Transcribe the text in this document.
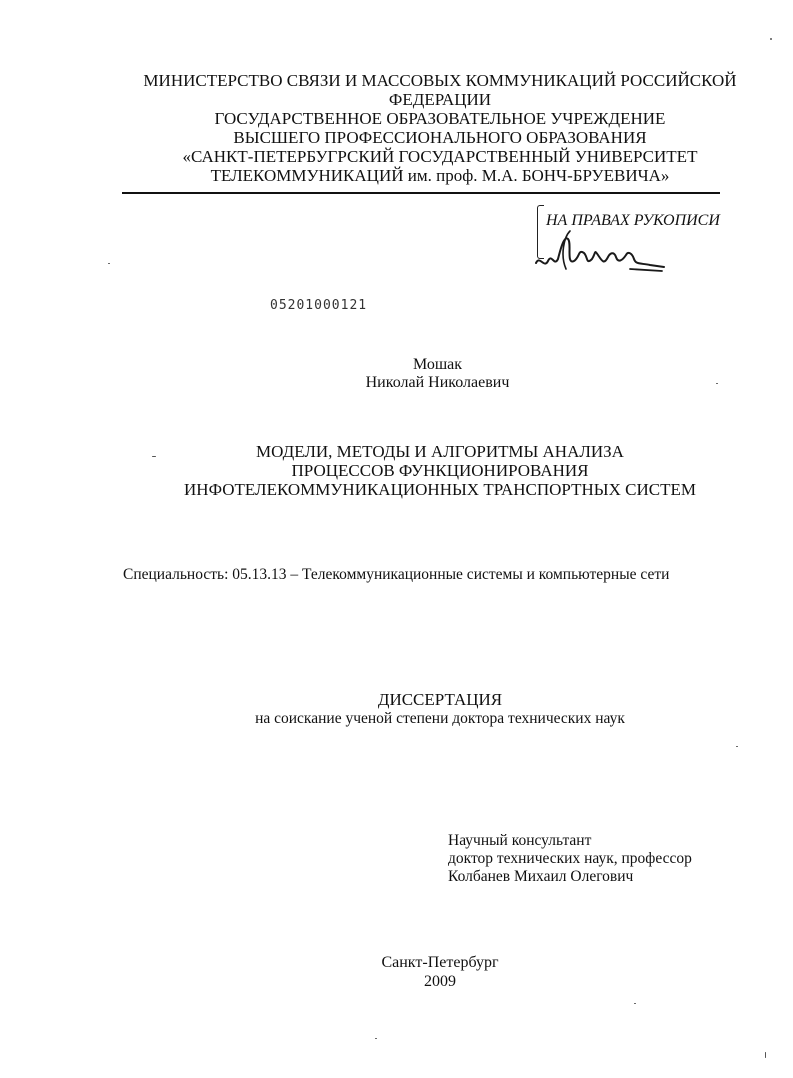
МИНИСТЕРСТВО СВЯЗИ И МАССОВЫХ КОММУНИКАЦИЙ РОССИЙСКОЙ
ФЕДЕРАЦИИ
ГОСУДАРСТВЕННОЕ ОБРАЗОВАТЕЛЬНОЕ УЧРЕЖДЕНИЕ
ВЫСШЕГО ПРОФЕССИОНАЛЬНОГО ОБРАЗОВАНИЯ
«САНКТ-ПЕТЕРБУГРСКИЙ ГОСУДАРСТВЕННЫЙ УНИВЕРСИТЕТ
ТЕЛЕКОММУНИКАЦИЙ им. проф. М.А. БОНЧ-БРУЕВИЧА»
НА ПРАВАХ РУКОПИСИ
05201000121
Мошак
Николай Николаевич
МОДЕЛИ, МЕТОДЫ И АЛГОРИТМЫ АНАЛИЗА
ПРОЦЕССОВ ФУНКЦИОНИРОВАНИЯ
ИНФОТЕЛЕКОММУНИКАЦИОННЫХ ТРАНСПОРТНЫХ СИСТЕМ
Специальность: 05.13.13 – Телекоммуникационные системы и компьютерные сети
ДИССЕРТАЦИЯ
на соискание ученой степени доктора технических наук
Научный консультант
доктор технических наук, профессор
Колбанев Михаил Олегович
Санкт-Петербург
2009
